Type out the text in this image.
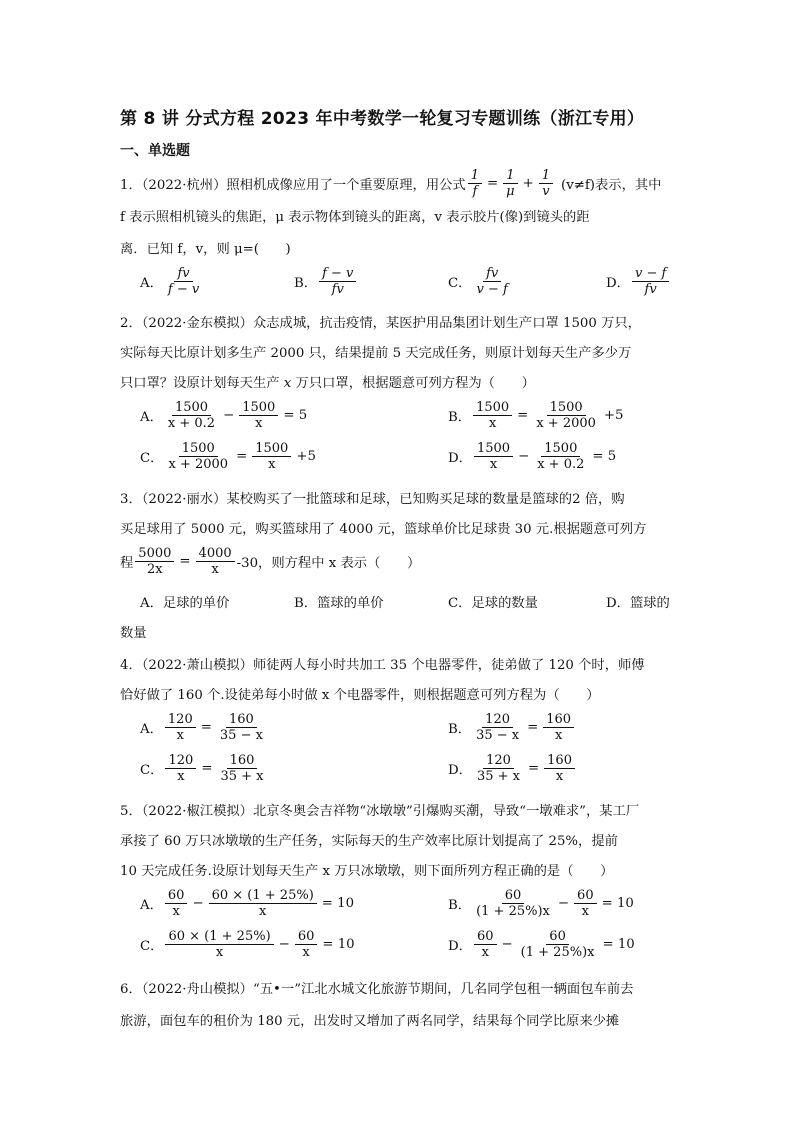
第 8 讲 分式方程 2023 年中考数学一轮复习专题训练（浙江专用）
一、单选题
1．（2022·杭州）照相机成像应用了一个重要原理，用公式 $\frac{1}{f} = \frac{1}{\mu} + \frac{1}{v} (v\ne f)$表示，其中
f 表示照相机镜头的焦距，μ 表示物体到镜头的距离，v 表示胶片(像)到镜头的距
离．已知 f，v，则 μ=(　　)
A． $\frac{fv}{f - v}$	B． $\frac{f - v}{fv}$	C． $\frac{fv}{v - f}$	D． $\frac{v - f}{fv}$
2．（2022·金东模拟）众志成城，抗击疫情，某医护用品集团计划生产口罩 1500 万只，
实际每天比原计划多生产 2000 只，结果提前 5 天完成任务，则原计划每天生产多少万
只口罩？设原计划每天生产 x 万只口罩，根据题意可列方程为（　　）
A． $\frac{1500}{x + 0.2} - \frac{1500}{x} = 5$	B． $\frac{1500}{x} = \frac{1500}{x + 2000} +5$
C． $\frac{1500}{x + 2000} = \frac{1500}{x} +5$	D． $\frac{1500}{x} - \frac{1500}{x + 0.2} = 5$
3．（2022·丽水）某校购买了一批篮球和足球，已知购买足球的数量是篮球的2 倍，购
买足球用了 5000 元，购买篮球用了 4000 元，篮球单价比足球贵 30 元.根据题意可列方
程 $\frac{5000}{2x} = \frac{4000}{x} -30$，则方程中 x 表示（　　）
A．足球的单价	B．篮球的单价	C．足球的数量	D．篮球的
数量
4．（2022·萧山模拟）师徒两人每小时共加工 35 个电器零件，徒弟做了 120 个时，师傅
恰好做了 160 个.设徒弟每小时做 x 个电器零件，则根据题意可列方程为（　　）
A． $\frac{120}{x} = \frac{160}{35 - x}$	B． $\frac{120}{35 - x} = \frac{160}{x}$
C． $\frac{120}{x} = \frac{160}{35 + x}$	D． $\frac{120}{35 + x} = \frac{160}{x}$
5．（2022·椒江模拟）北京冬奥会吉祥物“冰墩墩”引爆购买潮，导致“一墩难求”，某工厂
承接了 60 万只冰墩墩的生产任务，实际每天的生产效率比原计划提高了 25%，提前
10 天完成任务.设原计划每天生产 x 万只冰墩墩，则下面所列方程正确的是（　　）
A． $\frac{60}{x} - \frac{60 \times (1 + 25\%)}{x} = 10$	B． $\frac{60}{(1 + 25\%)x} - \frac{60}{x} = 10$
C． $\frac{60 \times (1 + 25\%)}{x} - \frac{60}{x} = 10$	D． $\frac{60}{x} - \frac{60}{(1 + 25\%)x} = 10$
6．（2022·舟山模拟）“五•一”江北水城文化旅游节期间，几名同学包租一辆面包车前去
旅游，面包车的租价为 180 元，出发时又增加了两名同学，结果每个同学比原来少摊
